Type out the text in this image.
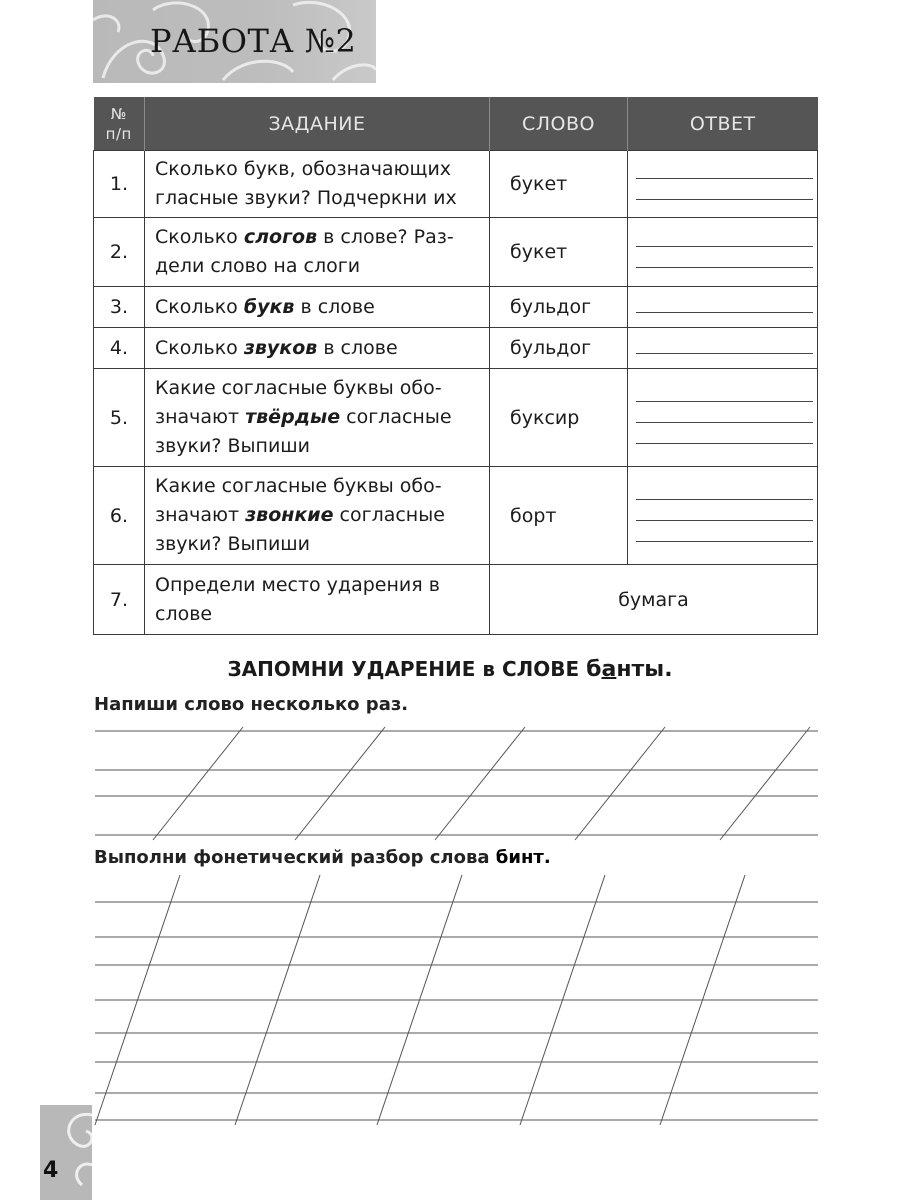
РАБОТА №2
№
п/п	ЗАДАНИЕ	СЛОВО	ОТВЕТ
1.	Сколько букв, обозначающих
гласные звуки? Подчеркни их	букет	

2.	Сколько слогов в слове? Раз-
дели слово на слоги	букет	

3.	Сколько букв в слове	бульдог	

4.	Сколько звуков в слове	бульдог	

5.	Какие согласные буквы обо-
значают твёрдые согласные
звуки? Выпиши	буксир	

6.	Какие согласные буквы обо-
значают звонкие согласные
звуки? Выпиши	борт	

7.	Определи место ударения в
слове	бумага	
ЗАПОМНИ УДАРЕНИЕ в СЛОВЕ банты.
Напиши слово несколько раз.
Выполни фонетический разбор слова бинт.
4
